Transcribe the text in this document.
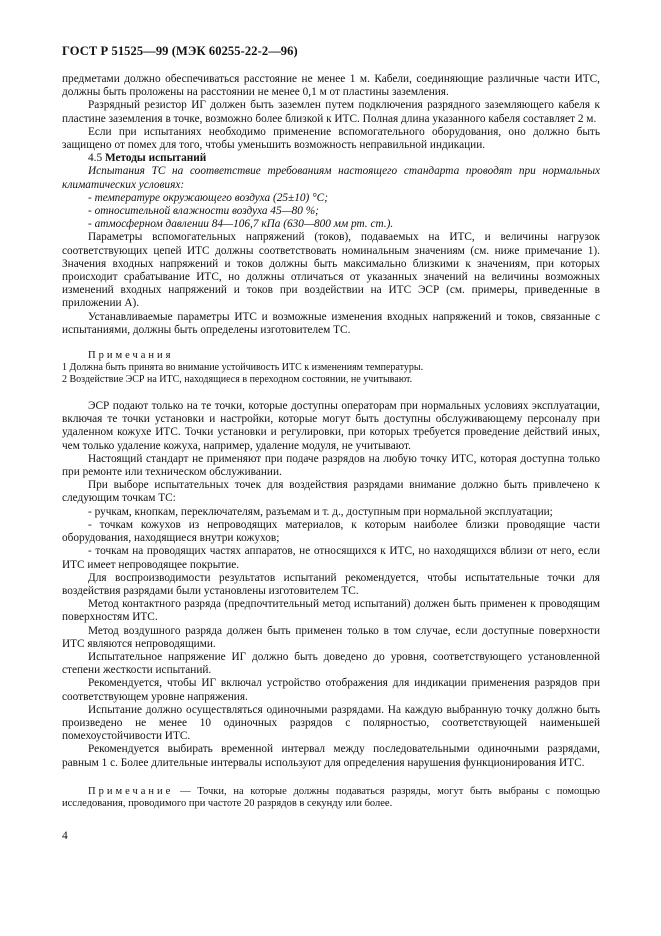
ГОСТ Р 51525—99 (МЭК 60255-22-2—96)

предметами должно обеспечиваться расстояние не менее 1 м. Кабели, соединяющие различные части ИТС, должны быть проложены на расстоянии не менее 0,1 м от пластины заземления.

Разрядный резистор ИГ должен быть заземлен путем подключения разрядного заземляющего кабеля к пластине заземления в точке, возможно более близкой к ИТС. Полная длина указанного кабеля составляет 2 м.

Если при испытаниях необходимо применение вспомогательного оборудования, оно должно быть защищено от помех для того, чтобы уменьшить возможность неправильной индикации.

4.5 Методы испытаний

Испытания ТС на соответствие требованиям настоящего стандарта проводят при нормальных климатических условиях:

- температуре окружающего воздуха (25±10) °С;

- относительной влажности воздуха 45—80 %;

- атмосферном давлении 84—106,7 кПа (630—800 мм рт. ст.).

Параметры вспомогательных напряжений (токов), подаваемых на ИТС, и величины нагрузок соответствующих цепей ИТС должны соответствовать номинальным значениям (см. ниже примечание 1). Значения входных напряжений и токов должны быть максимально близкими к значениям, при которых происходит срабатывание ИТС, но должны отличаться от указанных значений на величины возможных изменений входных напряжений и токов при воздействии на ИТС ЭСР (см. примеры, приведенные в приложении А).

Устанавливаемые параметры ИТС и возможные изменения входных напряжений и токов, связанные с испытаниями, должны быть определены изготовителем ТС.

Примечания

1 Должна быть принята во внимание устойчивость ИТС к изменениям температуры.

2 Воздействие ЭСР на ИТС, находящиеся в переходном состоянии, не учитывают.

ЭСР подают только на те точки, которые доступны операторам при нормальных условиях эксплуатации, включая те точки установки и настройки, которые могут быть доступны обслуживающему персоналу при удаленном кожухе ИТС. Точки установки и регулировки, при которых требуется проведение действий иных, чем только удаление кожуха, например, удаление модуля, не учитывают.

Настоящий стандарт не применяют при подаче разрядов на любую точку ИТС, которая доступна только при ремонте или техническом обслуживании.

При выборе испытательных точек для воздействия разрядами внимание должно быть привлечено к следующим точкам ТС:

- ручкам, кнопкам, переключателям, разъемам и т. д., доступным при нормальной эксплуатации;

- точкам кожухов из непроводящих материалов, к которым наиболее близки проводящие части оборудования, находящиеся внутри кожухов;

- точкам на проводящих частях аппаратов, не относящихся к ИТС, но находящихся вблизи от него, если ИТС имеет непроводящее покрытие.

Для воспроизводимости результатов испытаний рекомендуется, чтобы испытательные точки для воздействия разрядами были установлены изготовителем ТС.

Метод контактного разряда (предпочтительный метод испытаний) должен быть применен к проводящим поверхностям ИТС.

Метод воздушного разряда должен быть применен только в том случае, если доступные поверхности ИТС являются непроводящими.

Испытательное напряжение ИГ должно быть доведено до уровня, соответствующего установленной степени жесткости испытаний.

Рекомендуется, чтобы ИГ включал устройство отображения для индикации применения разрядов при соответствующем уровне напряжения.

Испытание должно осуществляться одиночными разрядами. На каждую выбранную точку должно быть произведено не менее 10 одиночных разрядов с полярностью, соответствующей наименьшей помехоустойчивости ИТС.

Рекомендуется выбирать временной интервал между последовательными одиночными разрядами, равным 1 с. Более длительные интервалы используют для определения нарушения функционирования ИТС.

Примечание — Точки, на которые должны подаваться разряды, могут быть выбраны с помощью исследования, проводимого при частоте 20 разрядов в секунду или более.

4
